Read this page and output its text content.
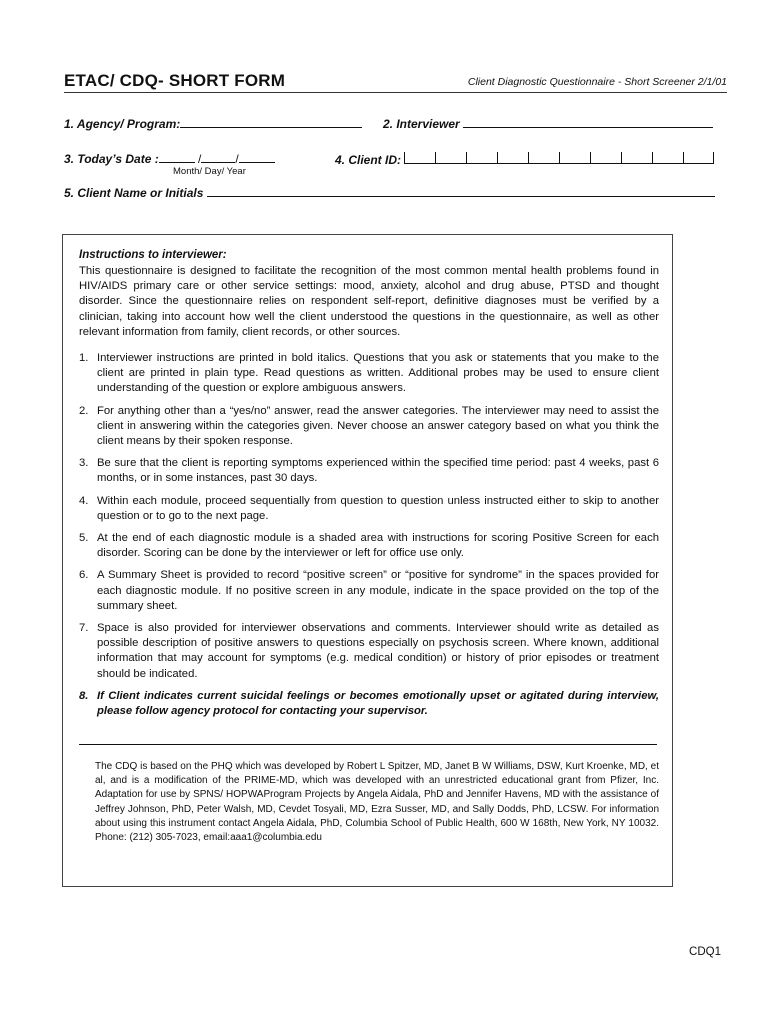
ETAC/ CDQ- SHORT FORM	Client Diagnostic Questionnaire - Short Screener 2/1/01
1. Agency/ Program:	2. Interviewer
3. Today’s Date :	/	/
Month/ Day/ Year
4. Client ID:
5. Client Name or Initials
Instructions to interviewer:
This questionnaire is designed to facilitate the recognition of the most common mental health problems found in HIV/AIDS primary care or other service settings: mood, anxiety, alcohol and drug abuse, PTSD and thought disorder. Since the questionnaire relies on respondent self-report, definitive diagnoses must be verified by a clinician, taking into account how well the client understood the questions in the questionnaire, as well as other relevant information from family, client records, or other sources.
1. Interviewer instructions are printed in bold italics. Questions that you ask or statements that you make to the client are printed in plain type. Read questions as written. Additional probes may be used to ensure client understanding of the question or explore ambiguous answers.
2. For anything other than a “yes/no” answer, read the answer categories. The interviewer may need to assist the client in answering within the categories given. Never choose an answer category based on what you think the client means by their spoken response.
3. Be sure that the client is reporting symptoms experienced within the specified time period: past 4 weeks, past 6 months, or in some instances, past 30 days.
4. Within each module, proceed sequentially from question to question unless instructed either to skip to another question or to go to the next page.
5. At the end of each diagnostic module is a shaded area with instructions for scoring Positive Screen for each disorder. Scoring can be done by the interviewer or left for office use only.
6. A Summary Sheet is provided to record “positive screen” or “positive for syndrome” in the spaces provided for each diagnostic module. If no positive screen in any module, indicate in the space provided on the top of the summary sheet.
7. Space is also provided for interviewer observations and comments. Interviewer should write as detailed as possible description of positive answers to questions especially on psychosis screen. Where known, additional information that may account for symptoms (e.g. medical condition) or history of prior episodes or treatment should be indicated.
8. If Client indicates current suicidal feelings or becomes emotionally upset or agitated during interview, please follow agency protocol for contacting your supervisor.
The CDQ is based on the PHQ which was developed by Robert L Spitzer, MD, Janet B W Williams, DSW, Kurt Kroenke, MD, et al, and is a modification of the PRIME-MD, which was developed with an unrestricted educational grant from Pfizer, Inc. Adaptation for use by SPNS/ HOPWAProgram Projects by Angela Aidala, PhD and Jennifer Havens, MD with the assistance of Jeffrey Johnson, PhD, Peter Walsh, MD, Cevdet Tosyali, MD, Ezra Susser, MD, and Sally Dodds, PhD, LCSW. For information about using this instrument contact Angela Aidala, PhD, Columbia School of Public Health, 600 W 168th, New York, NY 10032. Phone: (212) 305-7023, email:aaa1@columbia.edu
CDQ1
